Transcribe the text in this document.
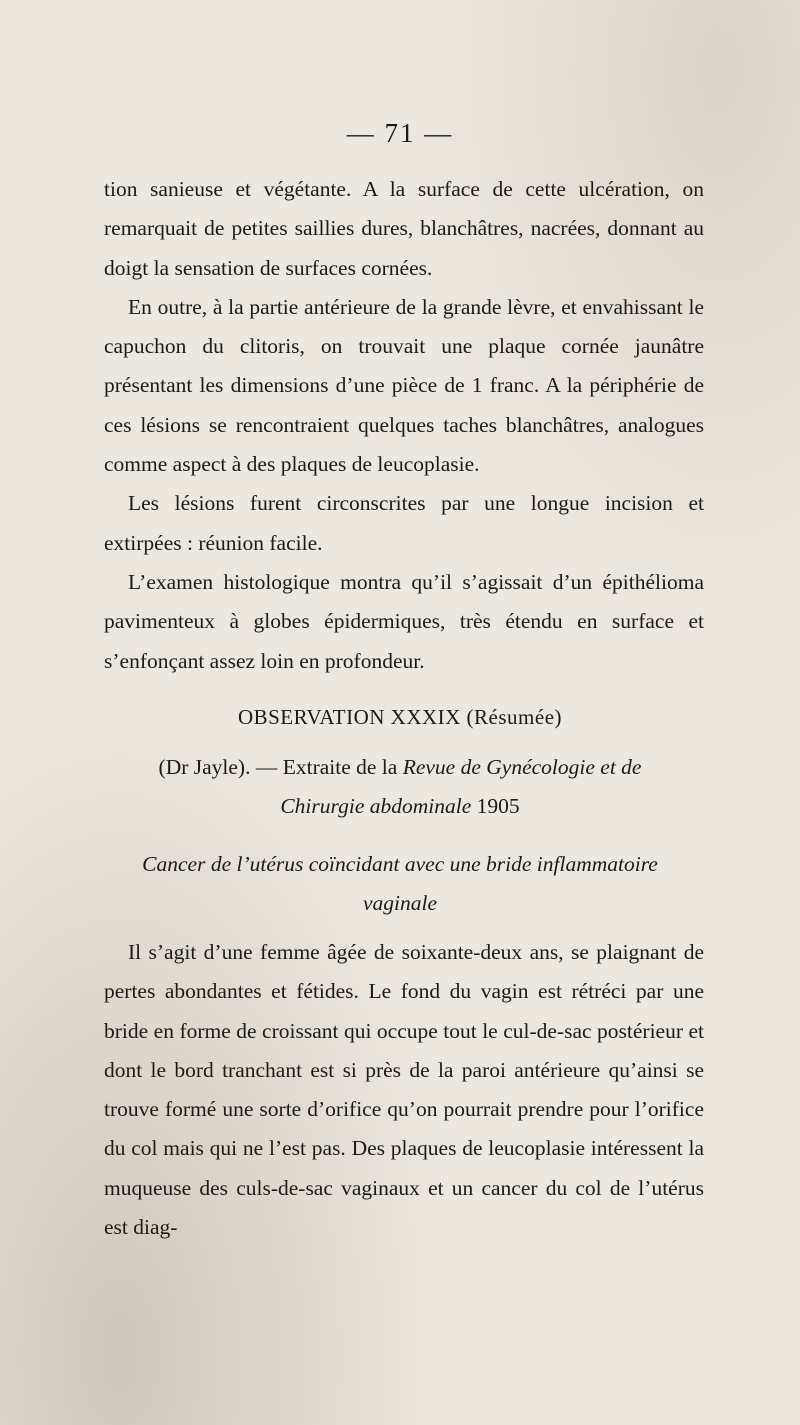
— 71 —

tion sanieuse et végétante. A la surface de cette ulcération, on remarquait de petites saillies dures, blanchâtres, nacrées, donnant au doigt la sensation de surfaces cornées.

En outre, à la partie antérieure de la grande lèvre, et envahissant le capuchon du clitoris, on trouvait une plaque cornée jaunâtre présentant les dimensions d’une pièce de 1 franc. A la périphérie de ces lésions se rencontraient quelques taches blanchâtres, analogues comme aspect à des plaques de leucoplasie.

Les lésions furent circonscrites par une longue incision et extirpées : réunion facile.

L’examen histologique montra qu’il s’agissait d’un épithélioma pavimenteux à globes épidermiques, très étendu en surface et s’enfonçant assez loin en profondeur.

OBSERVATION XXXIX (Résumée)
(Dr Jayle). — Extraite de la Revue de Gynécologie et de
Chirurgie abdominale 1905
Cancer de l’utérus coïncidant avec une bride inflammatoire
vaginale

Il s’agit d’une femme âgée de soixante-deux ans, se plaignant de pertes abondantes et fétides. Le fond du vagin est rétréci par une bride en forme de croissant qui occupe tout le cul-de-sac postérieur et dont le bord tranchant est si près de la paroi antérieure qu’ainsi se trouve formé une sorte d’orifice qu’on pourrait prendre pour l’orifice du col mais qui ne l’est pas. Des plaques de leucoplasie intéressent la muqueuse des culs-de-sac vaginaux et un cancer du col de l’utérus est diag-
